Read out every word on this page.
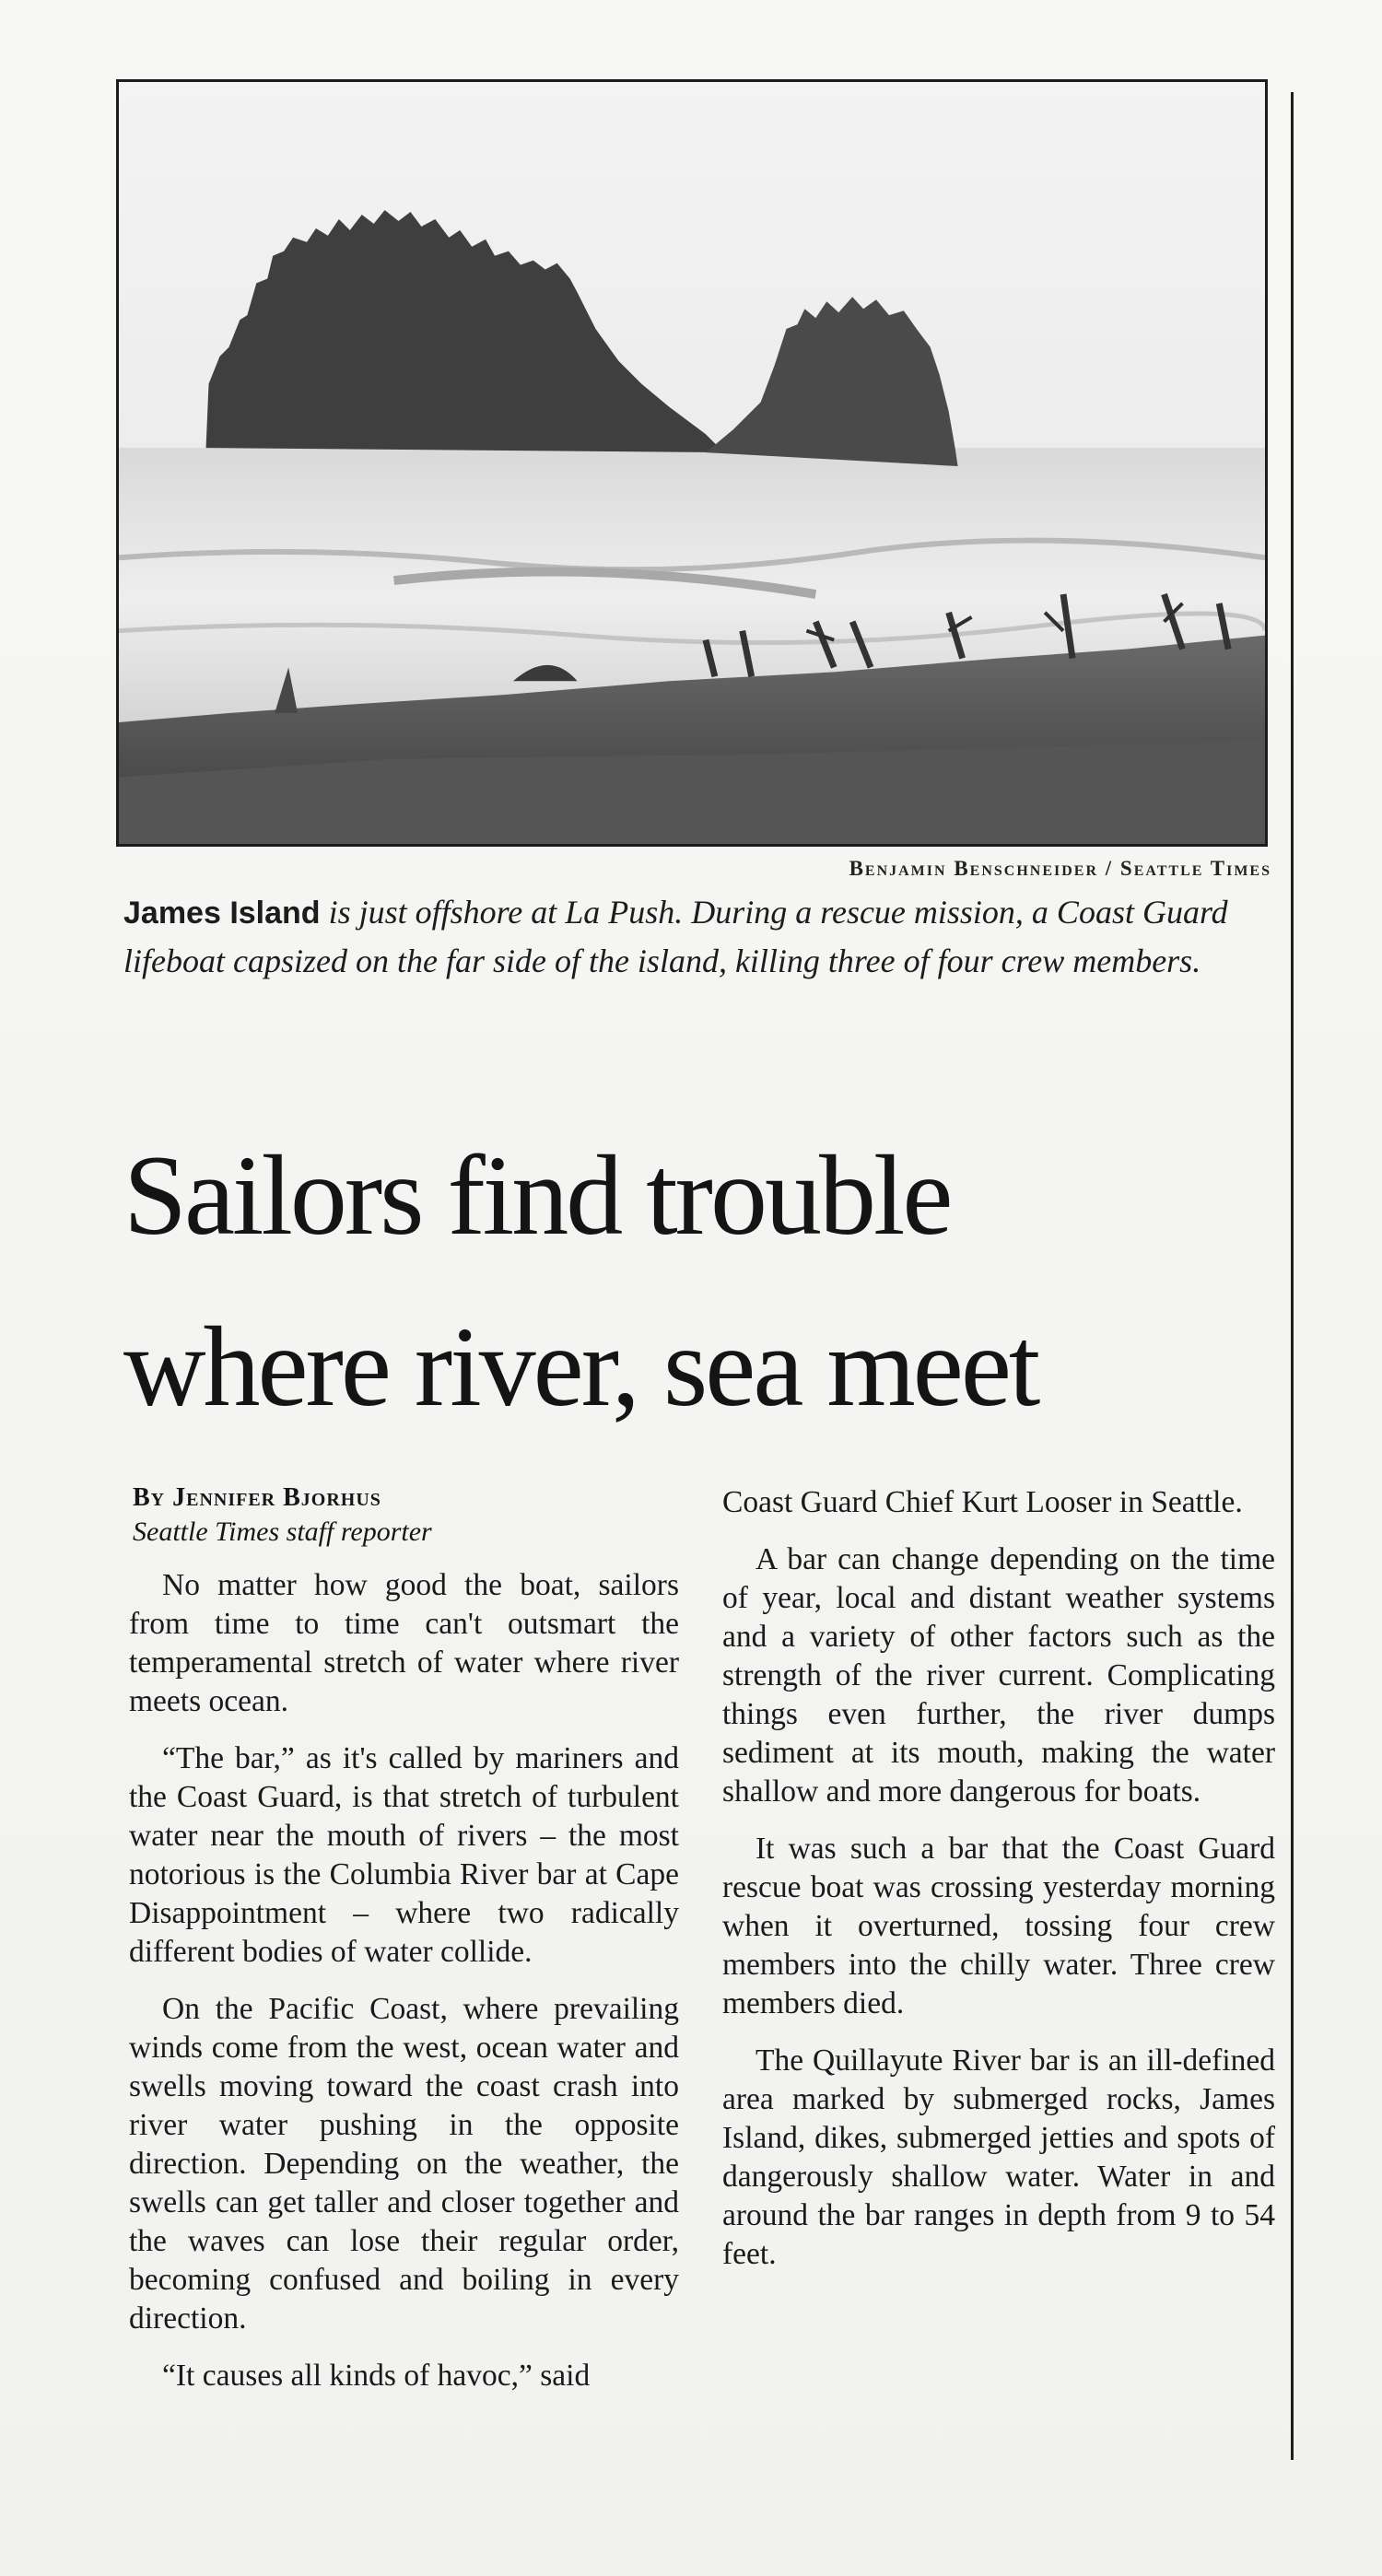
Benjamin Benschneider / Seattle Times
James Island is just offshore at La Push. During a rescue mission, a Coast Guard lifeboat capsized on the far side of the island, killing three of four crew members.
Sailors find trouble
where river, sea meet
By Jennifer Bjorhus
Seattle Times staff reporter

No matter how good the boat, sailors from time to time can't outsmart the temperamental stretch of water where river meets ocean.

“The bar,” as it's called by mariners and the Coast Guard, is that stretch of turbulent water near the mouth of rivers – the most notorious is the Columbia River bar at Cape Disappointment – where two radically different bodies of water collide.

On the Pacific Coast, where prevailing winds come from the west, ocean water and swells moving toward the coast crash into river water pushing in the opposite direction. Depending on the weather, the swells can get taller and closer together and the waves can lose their regular order, becoming confused and boiling in every direction.

“It causes all kinds of havoc,” said

Coast Guard Chief Kurt Looser in Seattle.

A bar can change depending on the time of year, local and distant weather systems and a variety of other factors such as the strength of the river current. Complicating things even further, the river dumps sediment at its mouth, making the water shallow and more dangerous for boats.

It was such a bar that the Coast Guard rescue boat was crossing yesterday morning when it overturned, tossing four crew members into the chilly water. Three crew members died.

The Quillayute River bar is an ill-defined area marked by submerged rocks, James Island, dikes, submerged jetties and spots of dangerously shallow water. Water in and around the bar ranges in depth from 9 to 54 feet.
